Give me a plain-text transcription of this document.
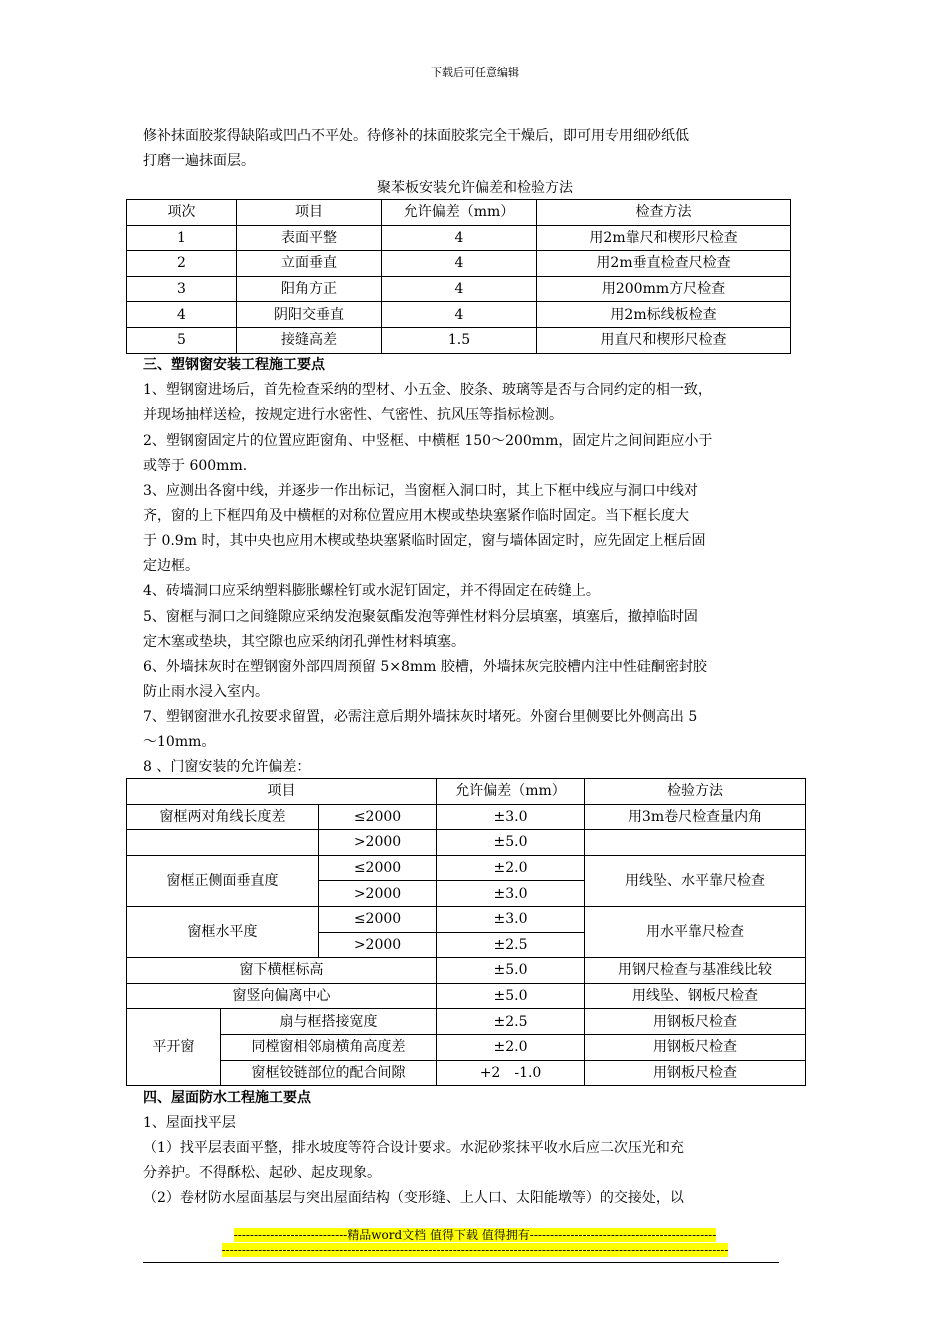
下载后可任意编辑

修补抹面胶浆得缺陷或凹凸不平处。待修补的抹面胶浆完全干燥后，即可用专用细砂纸低

打磨一遍抹面层。

聚苯板安装允许偏差和检验方法
项次	项目	允许偏差（mm）	检查方法
1	表面平整	4	用2m靠尺和楔形尺检查
2	立面垂直	4	用2m垂直检查尺检查
3	阳角方正	4	用200mm方尺检查
4	阴阳交垂直	4	用2m标线板检查
5	接缝高差	1.5	用直尺和楔形尺检查

三、塑钢窗安装工程施工要点

1、塑钢窗进场后，首先检查采纳的型材、小五金、胶条、玻璃等是否与合同约定的相一致，

并现场抽样送检，按规定进行水密性、气密性、抗风压等指标检测。

2、塑钢窗固定片的位置应距窗角、中竖框、中横框 150～200mm，固定片之间间距应小于

或等于 600mm.

3、应测出各窗中线，并逐步一作出标记，当窗框入洞口时，其上下框中线应与洞口中线对

齐，窗的上下框四角及中横框的对称位置应用木楔或垫块塞紧作临时固定。当下框长度大

于 0.9m 时，其中央也应用木楔或垫块塞紧临时固定，窗与墙体固定时，应先固定上框后固

定边框。

4、砖墙洞口应采纳塑料膨胀螺栓钉或水泥钉固定，并不得固定在砖缝上。

5、窗框与洞口之间缝隙应采纳发泡聚氨酯发泡等弹性材料分层填塞，填塞后，撤掉临时固

定木塞或垫块，其空隙也应采纳闭孔弹性材料填塞。

6、外墙抹灰时在塑钢窗外部四周预留 5×8mm 胶槽，外墙抹灰完胶槽内注中性硅酮密封胶

防止雨水浸入室内。

7、塑钢窗泄水孔按要求留置，必需注意后期外墙抹灰时堵死。外窗台里侧要比外侧高出 5

～10mm。

8 、门窗安装的允许偏差：

项目			允许偏差（mm）	检验方法
窗框两对角线长度差		≤2000	±3.0	用3m卷尺检查量内角
		>2000	±5.0	
窗框正侧面垂直度		≤2000	±2.0	用线坠、水平靠尺检查
		>2000	±3.0	
窗框水平度		≤2000	±3.0	用水平靠尺检查
		>2000	±2.5	
窗下横框标高			±5.0	用钢尺检查与基准线比较
窗竖向偏离中心			±5.0	用线坠、钢板尺检查
平开窗	扇与框搭接宽度		±2.5	用钢板尺检查
	同樘窗相邻扇横角高度差		±2.0	用钢板尺检查
	窗框铰链部位的配合间隙		+2　-1.0	用钢板尺检查

四、屋面防水工程施工要点

1、屋面找平层

（1）找平层表面平整，排水坡度等符合设计要求。水泥砂浆抹平收水后应二次压光和充

分养护。不得酥松、起砂、起皮现象。

（2）卷材防水屋面基层与突出屋面结构（变形缝、上人口、太阳能墩等）的交接处，以

----------------------------精品word文档 值得下载 值得拥有----------------------------------------------
-----------------------------------------------------------------------------------------------------------------------------
